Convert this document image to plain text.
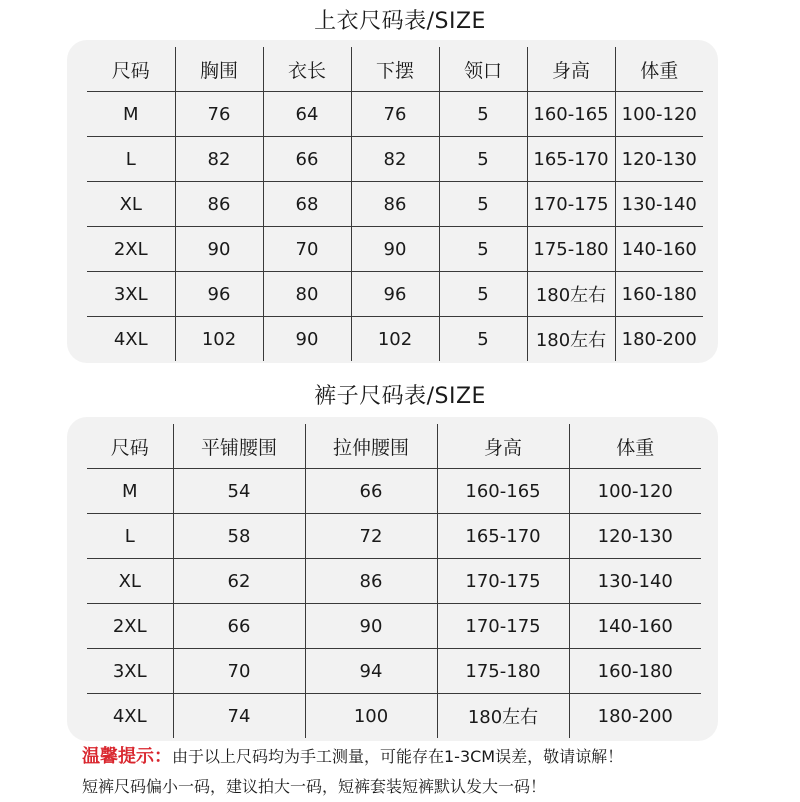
上衣尺码表/SIZE
尺码	胸围	衣长	下摆	领口	身高	体重
M	76	64	76	5	160-165	100-120
L	82	66	82	5	165-170	120-130
XL	86	68	86	5	170-175	130-140
2XL	90	70	90	5	175-180	140-160
3XL	96	80	96	5	180左右	160-180
4XL	102	90	102	5	180左右	180-200
裤子尺码表/SIZE
尺码	平铺腰围	拉伸腰围	身高	体重
M	54	66	160-165	100-120
L	58	72	165-170	120-130
XL	62	86	170-175	130-140
2XL	66	90	170-175	140-160
3XL	70	94	175-180	160-180
4XL	74	100	180左右	180-200
温馨提示：由于以上尺码均为手工测量，可能存在1-3CM误差，敬请谅解！
短裤尺码偏小一码，建议拍大一码，短裤套装短裤默认发大一码！
